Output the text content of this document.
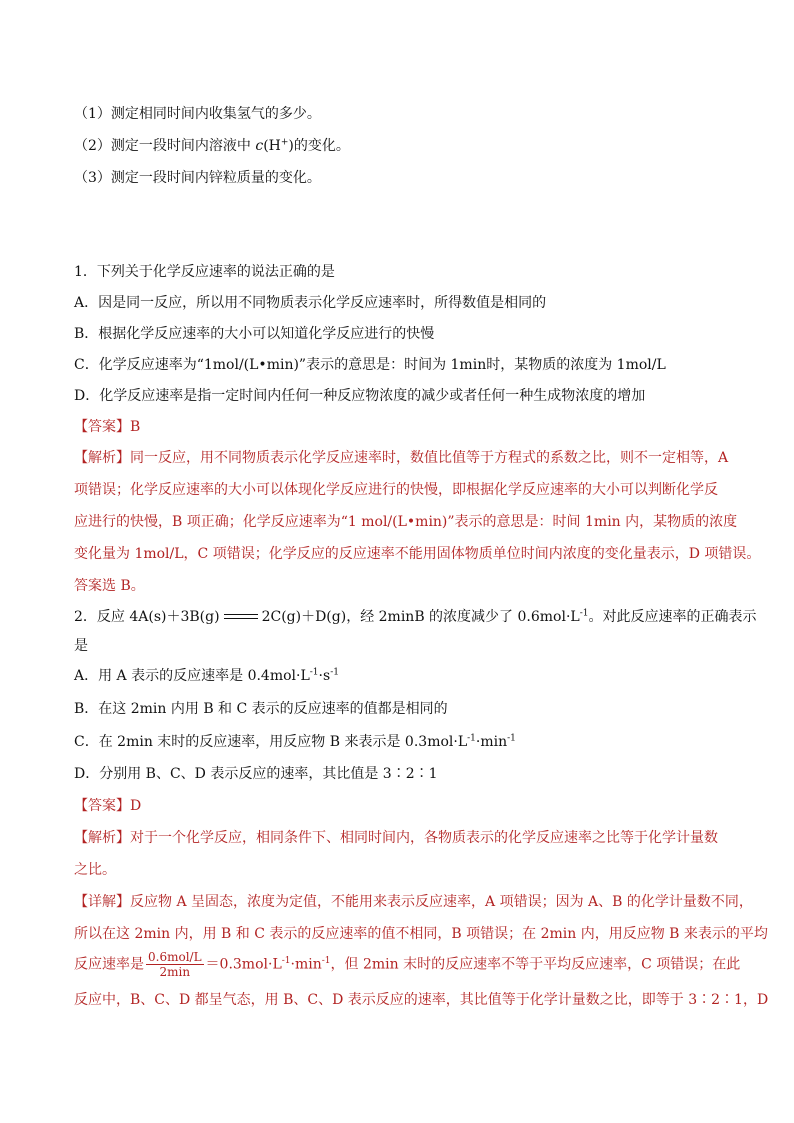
（1）测定相同时间内收集氢气的多少。
（2）测定一段时间内溶液中 c(H+)的变化。
（3）测定一段时间内锌粒质量的变化。
1．下列关于化学反应速率的说法正确的是
A．因是同一反应，所以用不同物质表示化学反应速率时，所得数值是相同的
B．根据化学反应速率的大小可以知道化学反应进行的快慢
C．化学反应速率为“1mol/(L•min)”表示的意思是：时间为 1min时，某物质的浓度为 1mol/L
D．化学反应速率是指一定时间内任何一种反应物浓度的减少或者任何一种生成物浓度的增加
【答案】B
【解析】同一反应，用不同物质表示化学反应速率时，数值比值等于方程式的系数之比，则不一定相等，A
项错误；化学反应速率的大小可以体现化学反应进行的快慢，即根据化学反应速率的大小可以判断化学反
应进行的快慢，B 项正确；化学反应速率为“1 mol/(L•min)”表示的意思是：时间 1min 内，某物质的浓度
变化量为 1mol/L，C 项错误；化学反应的反应速率不能用固体物质单位时间内浓度的变化量表示，D 项错误。
答案选 B。
2．反应 4A(s)＋3B(g)	2C(g)＋D(g)，经 2minB 的浓度减少了 $0.6mol\cdot L^{-1}$。对此反应速率的正确表示
是
A．用 A 表示的反应速率是 $0.4mol\cdot L^{-1}\cdot s^{-1}$
B．在这 2min 内用 B 和 C 表示的反应速率的值都是相同的
C．在 2min 末时的反应速率，用反应物 B 来表示是 $0.3mol\cdot L^{-1}\cdot\min^{-1}$
D．分别用 B、C、D 表示反应的速率，其比值是 3∶2∶1
【答案】D
【解析】对于一个化学反应，相同条件下、相同时间内，各物质表示的化学反应速率之比等于化学计量数
之比。
【详解】反应物 A 呈固态，浓度为定值，不能用来表示反应速率，A 项错误；因为 A、B 的化学计量数不同，
所以在这 2min 内，用 B 和 C 表示的反应速率的值不相同，B 项错误；在 2min 内，用反应物 B 来表示的平均
反应速率是 $\frac{\text{0.6mol/L}}{2\min} =0.3mol\cdot L^{-1}\cdot\min^{-1}$，但 2min 末时的反应速率不等于平均反应速率，C 项错误；在此
反应中，B、C、D 都呈气态，用 B、C、D 表示反应的速率，其比值等于化学计量数之比，即等于 3∶2∶1，D
